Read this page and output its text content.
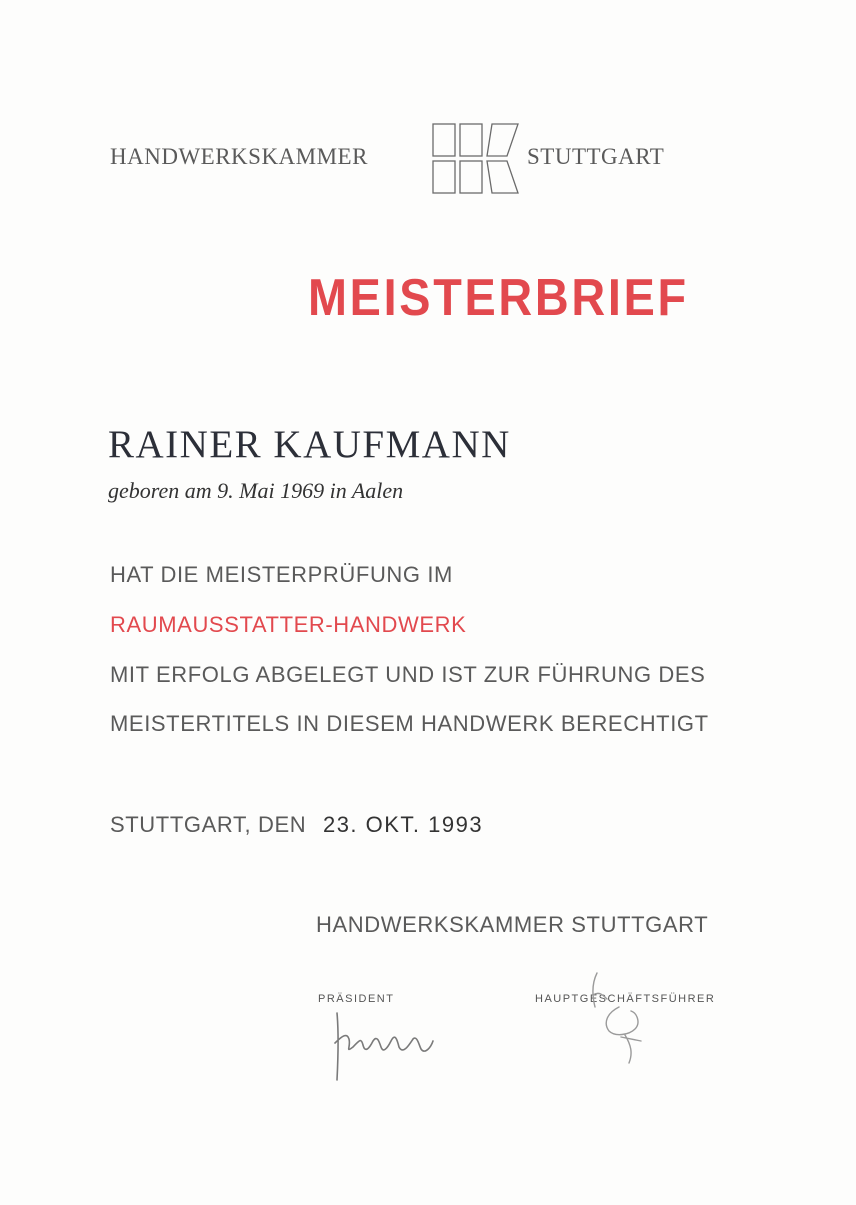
HANDWERKSKAMMER	STUTTGART
MEISTERBRIEF
RAINER KAUFMANN
geboren am 9. Mai 1969 in Aalen
HAT DIE MEISTERPRÜFUNG IM
RAUMAUSSTATTER-HANDWERK
MIT ERFOLG ABGELEGT UND IST ZUR FÜHRUNG DES
MEISTERTITELS IN DIESEM HANDWERK BERECHTIGT
STUTTGART, DEN 23. OKT. 1993
HANDWERKSKAMMER STUTTGART
PRÄSIDENT	HAUPTGESCHÄFTSFÜHRER
